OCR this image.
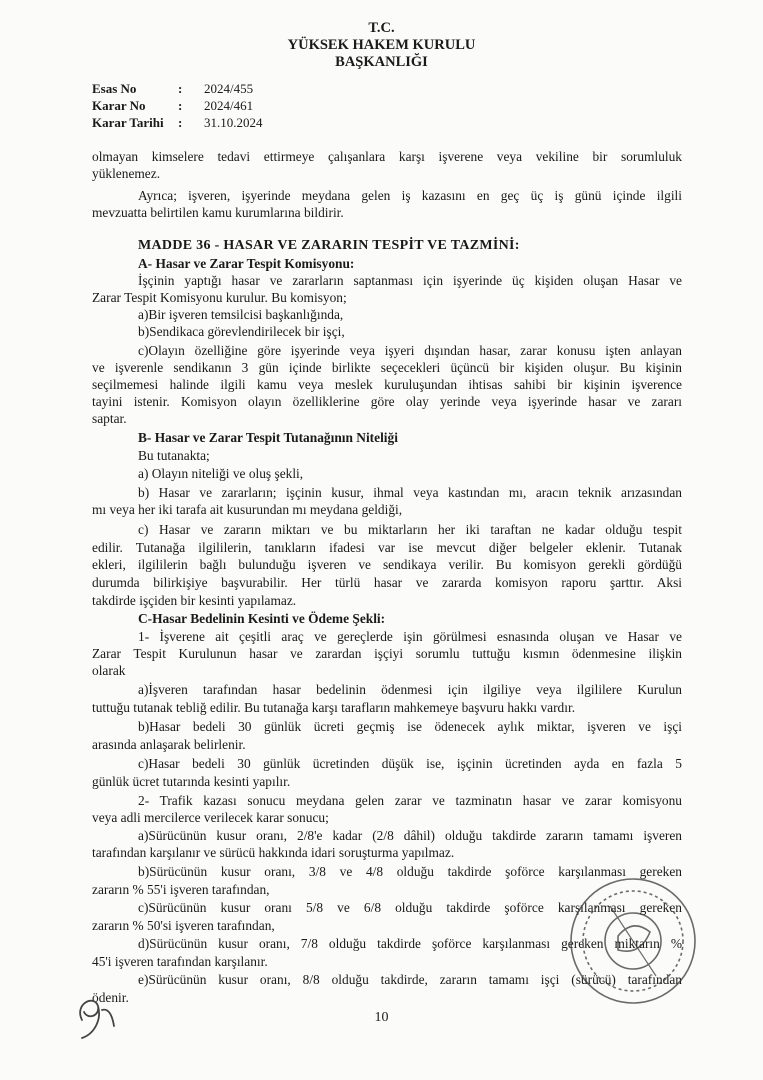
T.C.
YÜKSEK HAKEM KURULU
BAŞKANLIĞI
Esas No	: 2024/455
Karar No : 2024/461
Karar Tarihi : 31.10.2024
olmayan kimselere tedavi ettirmeye çalışanlara karşı işverene veya vekiline bir sorumluluk
yüklenemez.
Ayrıca; işveren, işyerinde meydana gelen iş kazasını en geç üç iş günü içinde ilgili
mevzuatta belirtilen kamu kurumlarına bildirir.
MADDE 36 - HASAR VE ZARARIN TESPİT VE TAZMİNİ:
A- Hasar ve Zarar Tespit Komisyonu:
İşçinin yaptığı hasar ve zararların saptanması için işyerinde üç kişiden oluşan Hasar ve
Zarar Tespit Komisyonu kurulur. Bu komisyon;
a)Bir işveren temsilcisi başkanlığında,
b)Sendikaca görevlendirilecek bir işçi,
c)Olayın özelliğine göre işyerinde veya işyeri dışından hasar, zarar konusu işten anlayan
ve işverenle sendikanın 3 gün içinde birlikte seçecekleri üçüncü bir kişiden oluşur. Bu kişinin
seçilmemesi halinde ilgili kamu veya meslek kuruluşundan ihtisas sahibi bir kişinin işverence
tayini istenir. Komisyon olayın özelliklerine göre olay yerinde veya işyerinde hasar ve zararı
saptar.
B- Hasar ve Zarar Tespit Tutanağının Niteliği
Bu tutanakta;
a) Olayın niteliği ve oluş şekli,
b) Hasar ve zararların; işçinin kusur, ihmal veya kastından mı, aracın teknik arızasından
mı veya her iki tarafa ait kusurundan mı meydana geldiği,
c) Hasar ve zararın miktarı ve bu miktarların her iki taraftan ne kadar olduğu tespit
edilir. Tutanağa ilgililerin, tanıkların ifadesi var ise mevcut diğer belgeler eklenir. Tutanak
ekleri, ilgililerin bağlı bulunduğu işveren ve sendikaya verilir. Bu komisyon gerekli gördüğü
durumda bilirkişiye başvurabilir. Her türlü hasar ve zararda komisyon raporu şarttır. Aksi
takdirde işçiden bir kesinti yapılamaz.
C-Hasar Bedelinin Kesinti ve Ödeme Şekli:
1- İşverene ait çeşitli araç ve gereçlerde işin görülmesi esnasında oluşan ve Hasar ve
Zarar Tespit Kurulunun hasar ve zarardan işçiyi sorumlu tuttuğu kısmın ödenmesine ilişkin
olarak
a)İşveren tarafından hasar bedelinin ödenmesi için ilgiliye veya ilgililere Kurulun
tuttuğu tutanak tebliğ edilir. Bu tutanağa karşı tarafların mahkemeye başvuru hakkı vardır.
b)Hasar bedeli 30 günlük ücreti geçmiş ise ödenecek aylık miktar, işveren ve işçi
arasında anlaşarak belirlenir.
c)Hasar bedeli 30 günlük ücretinden düşük ise, işçinin ücretinden ayda en fazla 5
günlük ücret tutarında kesinti yapılır.
2- Trafik kazası sonucu meydana gelen zarar ve tazminatın hasar ve zarar komisyonu
veya adli mercilerce verilecek karar sonucu;
a)Sürücünün kusur oranı, 2/8'e kadar (2/8 dâhil) olduğu takdirde zararın tamamı işveren
tarafından karşılanır ve sürücü hakkında idari soruşturma yapılmaz.
b)Sürücünün kusur oranı, 3/8 ve 4/8 olduğu takdirde şoförce karşılanması gereken
zararın % 55'i işveren tarafından,
c)Sürücünün kusur oranı 5/8 ve 6/8 olduğu takdirde şoförce karşılanması gereken
zararın % 50'si işveren tarafından,
d)Sürücünün kusur oranı, 7/8 olduğu takdirde şoförce karşılanması gereken miktarın %
45'i işveren tarafından karşılanır.
e)Sürücünün kusur oranı, 8/8 olduğu takdirde, zararın tamamı işçi (sürücü) tarafından
ödenir.
10
